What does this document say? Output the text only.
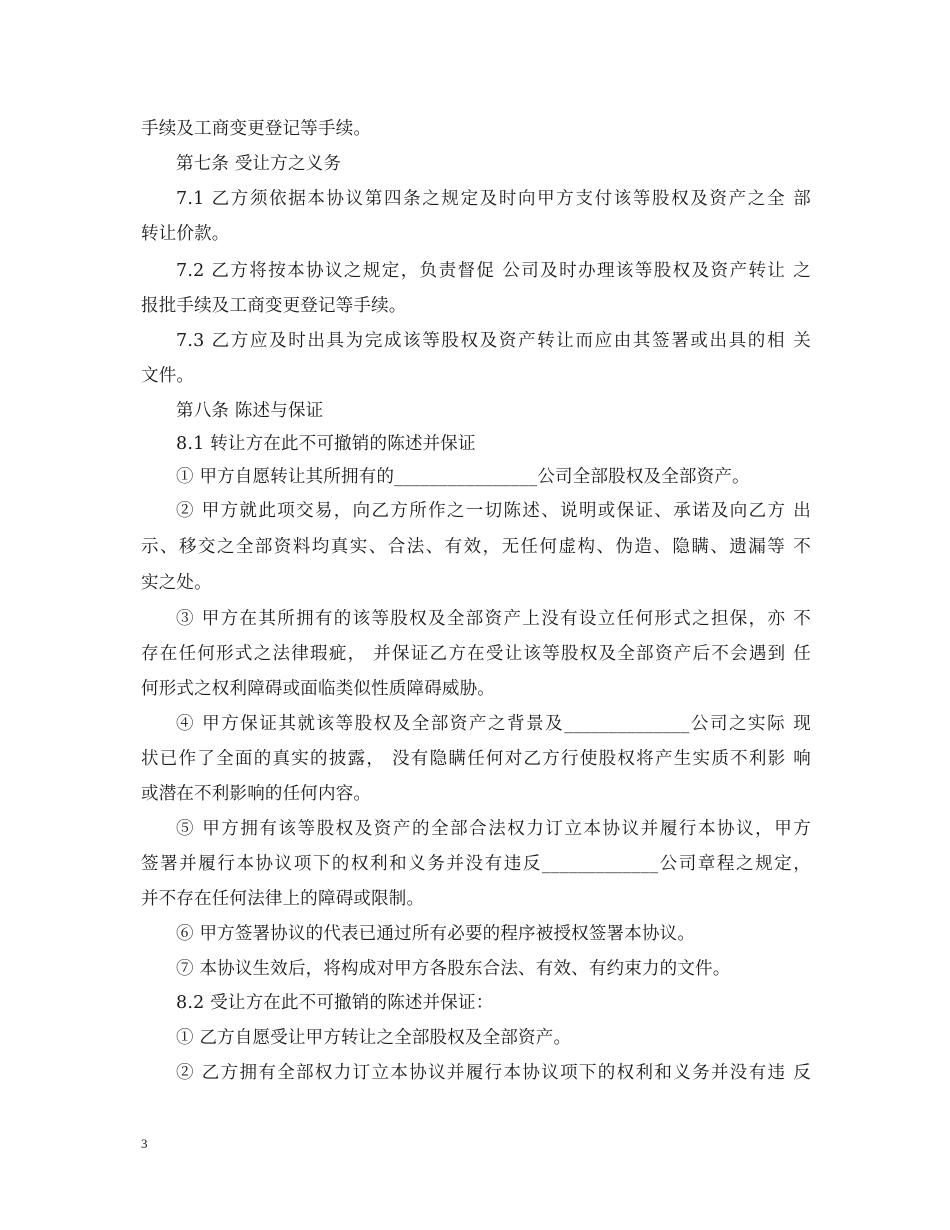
手续及工商变更登记等手续。
第七条 受让方之义务
7.1 乙方须依据本协议第四条之规定及时向甲方支付该等股权及资产之全 部
转让价款。
7.2 乙方将按本协议之规定，负责督促 公司及时办理该等股权及资产转让 之
报批手续及工商变更登记等手续。
7.3 乙方应及时出具为完成该等股权及资产转让而应由其签署或出具的相 关
文件。
第八条 陈述与保证
8.1 转让方在此不可撤销的陈述并保证
① 甲方自愿转让其所拥有的________________公司全部股权及全部资产。
② 甲方就此项交易，向乙方所作之一切陈述、说明或保证、承诺及向乙方 出
示、移交之全部资料均真实、合法、有效，无任何虚构、伪造、隐瞒、遗漏等 不
实之处。
③ 甲方在其所拥有的该等股权及全部资产上没有设立任何形式之担保，亦 不
存在任何形式之法律瑕疵， 并保证乙方在受让该等股权及全部资产后不会遇到 任
何形式之权利障碍或面临类似性质障碍威胁。
④ 甲方保证其就该等股权及全部资产之背景及______________公司之实际 现
状已作了全面的真实的披露， 没有隐瞒任何对乙方行使股权将产生实质不利影 响
或潜在不利影响的任何内容。
⑤ 甲方拥有该等股权及资产的全部合法权力订立本协议并履行本协议，甲方
签署并履行本协议项下的权利和义务并没有违反_____________公司章程之规定，
并不存在任何法律上的障碍或限制。
⑥ 甲方签署协议的代表已通过所有必要的程序被授权签署本协议。
⑦ 本协议生效后，将构成对甲方各股东合法、有效、有约束力的文件。
8.2 受让方在此不可撤销的陈述并保证：
① 乙方自愿受让甲方转让之全部股权及全部资产。
② 乙方拥有全部权力订立本协议并履行本协议项下的权利和义务并没有违 反
3
